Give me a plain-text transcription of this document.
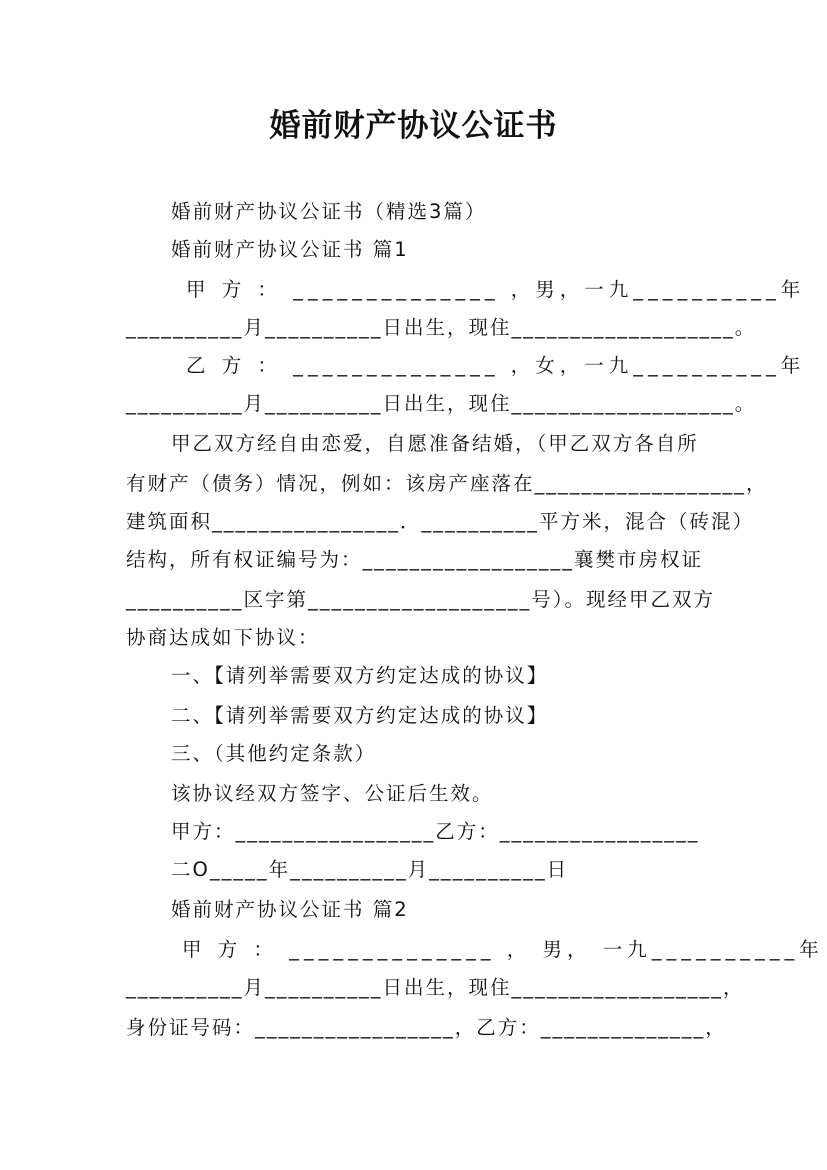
婚前财产协议公证书
婚前财产协议公证书（精选3篇）
婚前财产协议公证书 篇1
甲 方 ： ______________ ，男，一九__________年
__________月__________日出生，现住___________________。
乙 方 ： ______________ ，女，一九__________年
__________月__________日出生，现住___________________。
甲乙双方经自由恋爱，自愿准备结婚，（甲乙双方各自所
有财产（债务）情况，例如：该房产座落在__________________，
建筑面积________________．__________平方米，混合（砖混）
结构，所有权证编号为：__________________襄樊市房权证
__________区字第___________________号）。现经甲乙双方
协商达成如下协议：
一、【请列举需要双方约定达成的协议】
二、【请列举需要双方约定达成的协议】
三、（其他约定条款）
该协议经双方签字、公证后生效。
甲方：_________________乙方：_________________
二O_____年__________月__________日
婚前财产协议公证书 篇2
甲 方 ： ______________ ， 男， 一九__________年
__________月__________日出生，现住__________________，
身份证号码：_________________，乙方：______________，
